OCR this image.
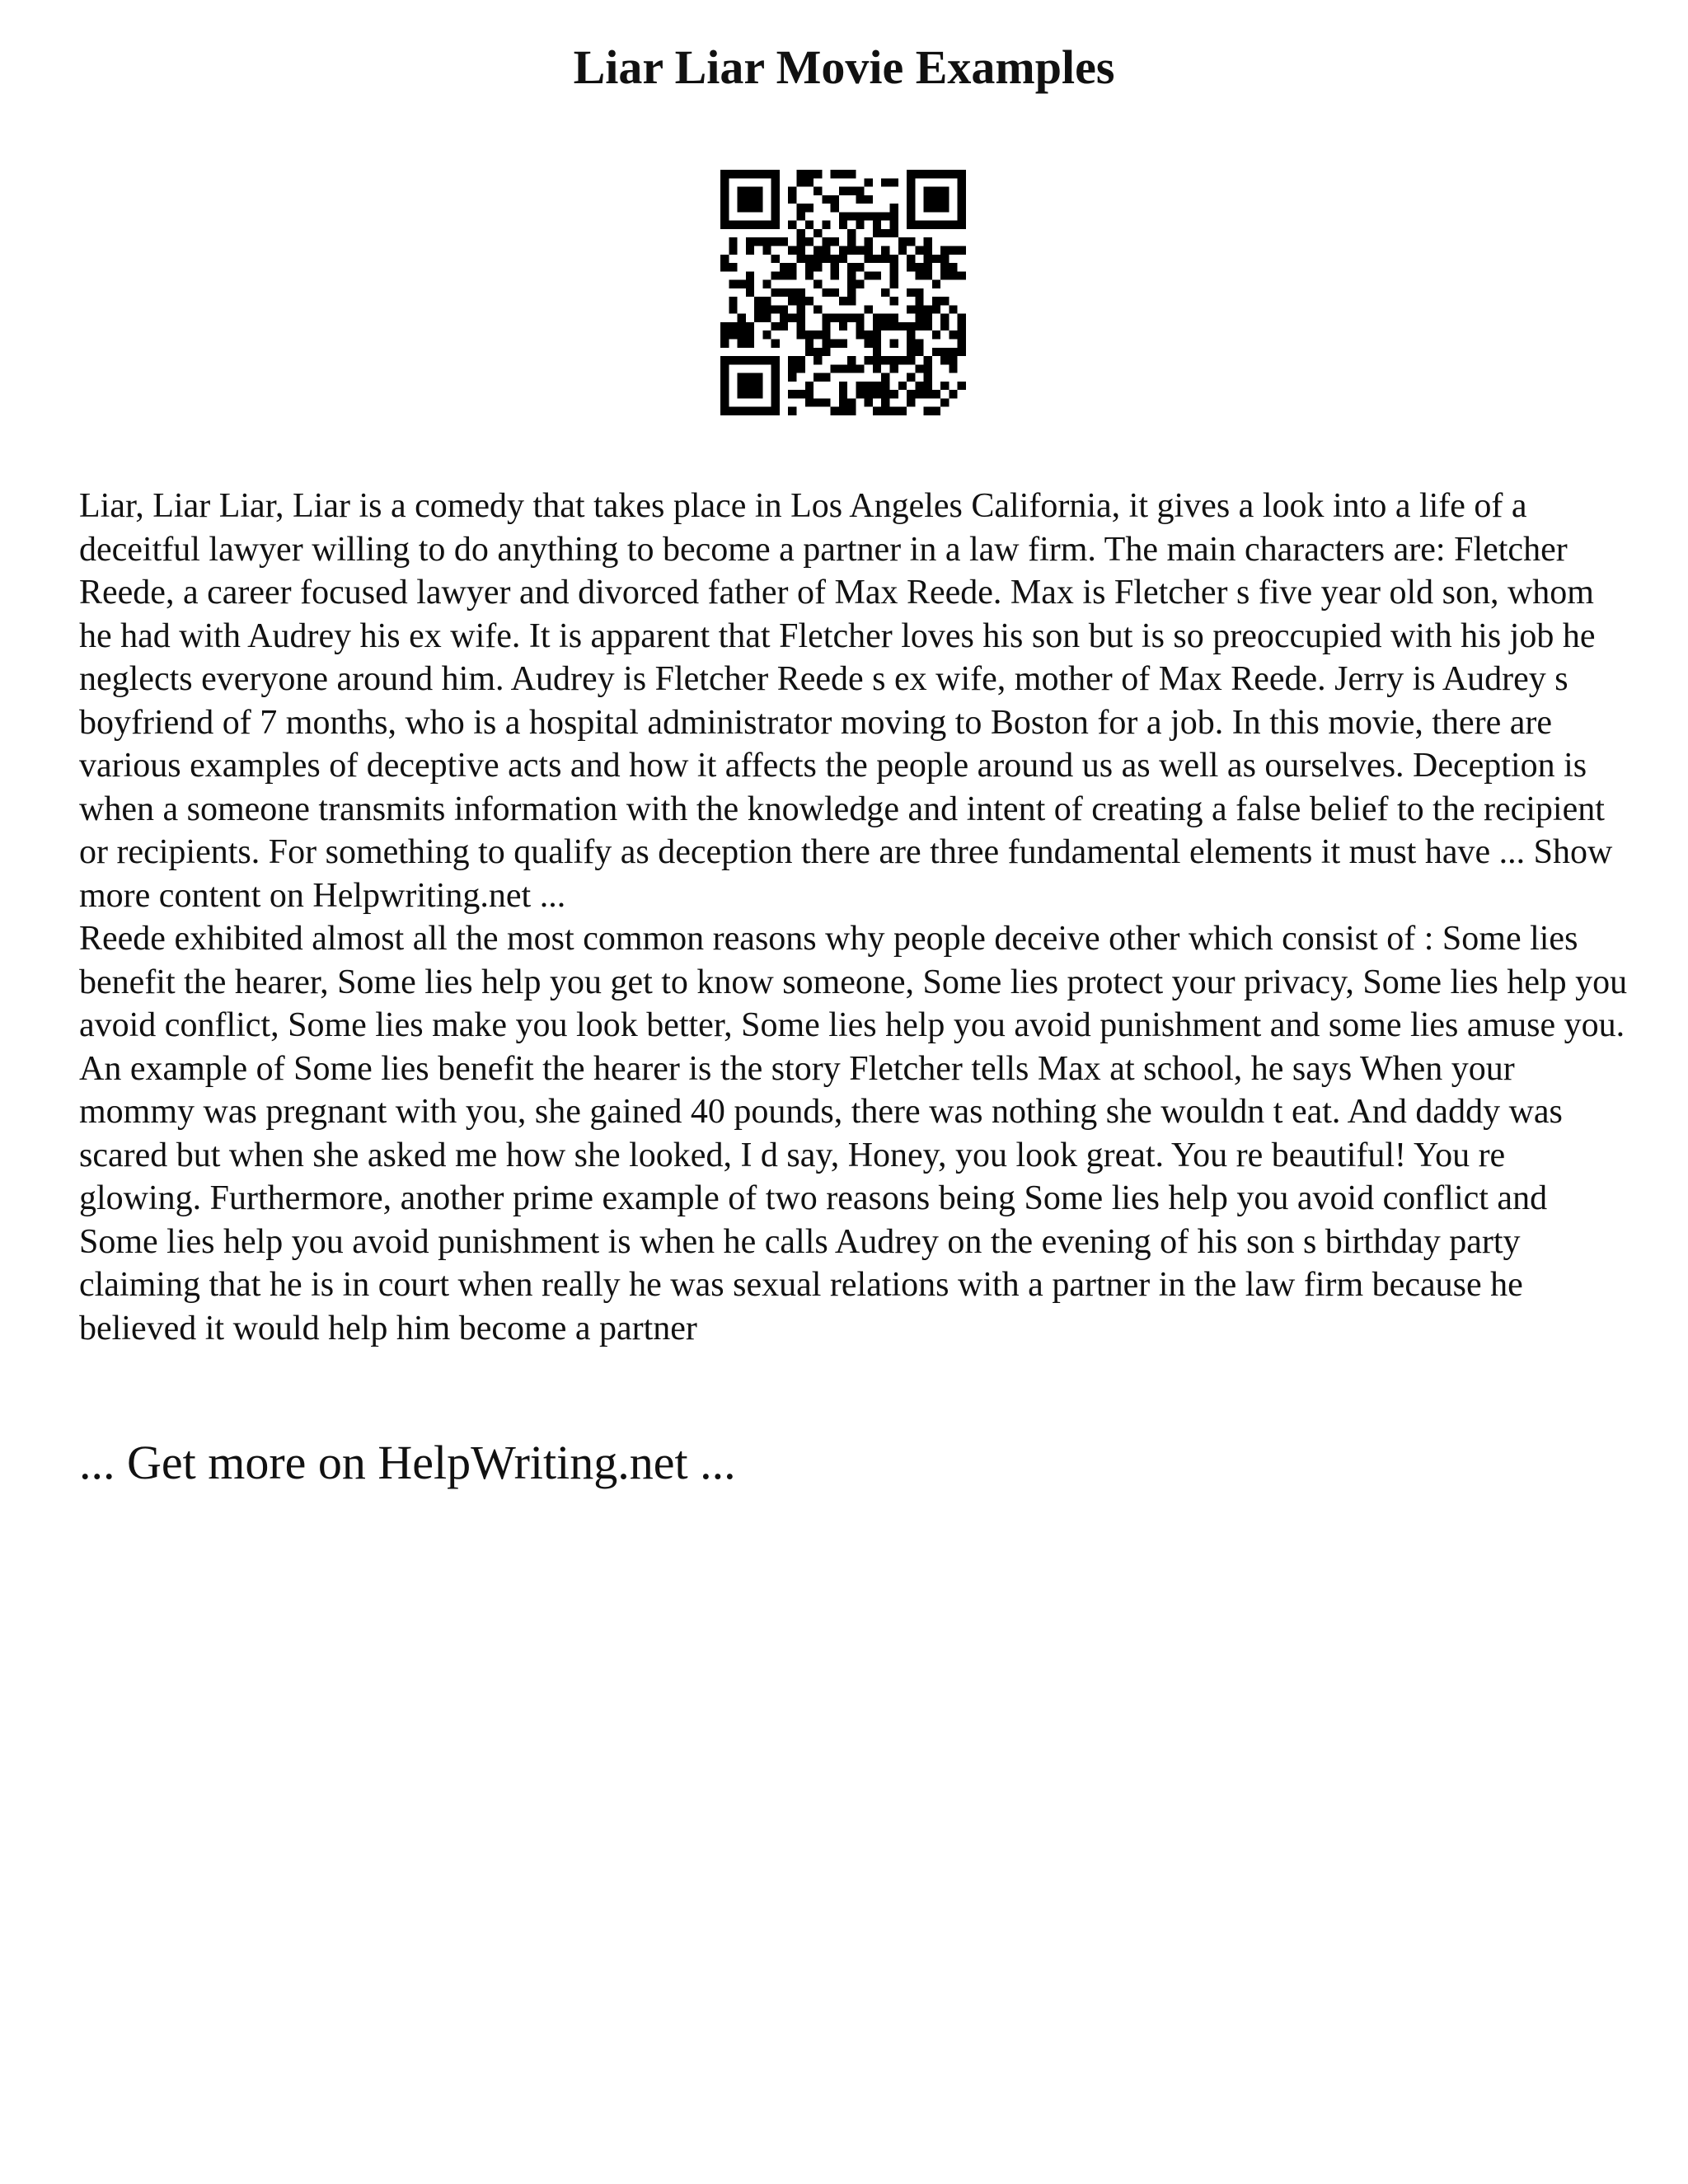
Liar Liar Movie Examples

Liar, Liar Liar, Liar is a comedy that takes place in Los Angeles California, it gives a look into a life of a deceitful lawyer willing to do anything to become a partner in a law firm. The main characters are: Fletcher Reede, a career focused lawyer and divorced father of Max Reede. Max is Fletcher s five year old son, whom he had with Audrey his ex wife. It is apparent that Fletcher loves his son but is so preoccupied with his job he neglects everyone around him. Audrey is Fletcher Reede s ex wife, mother of Max Reede. Jerry is Audrey s boyfriend of 7 months, who is a hospital administrator moving to Boston for a job. In this movie, there are various examples of deceptive acts and how it affects the people around us as well as ourselves. Deception is when a someone transmits information with the knowledge and intent of creating a false belief to the recipient or recipients. For something to qualify as deception there are three fundamental elements it must have ... Show more content on Helpwriting.net ...

Reede exhibited almost all the most common reasons why people deceive other which consist of : Some lies benefit the hearer, Some lies help you get to know someone, Some lies protect your privacy, Some lies help you avoid conflict, Some lies make you look better, Some lies help you avoid punishment and some lies amuse you. An example of Some lies benefit the hearer is the story Fletcher tells Max at school, he says When your mommy was pregnant with you, she gained 40 pounds, there was nothing she wouldn t eat. And daddy was scared but when she asked me how she looked, I d say, Honey, you look great. You re beautiful! You re glowing. Furthermore, another prime example of two reasons being Some lies help you avoid conflict and Some lies help you avoid punishment is when he calls Audrey on the evening of his son s birthday party claiming that he is in court when really he was sexual relations with a partner in the law firm because he believed it would help him become a partner

... Get more on HelpWriting.net ...
